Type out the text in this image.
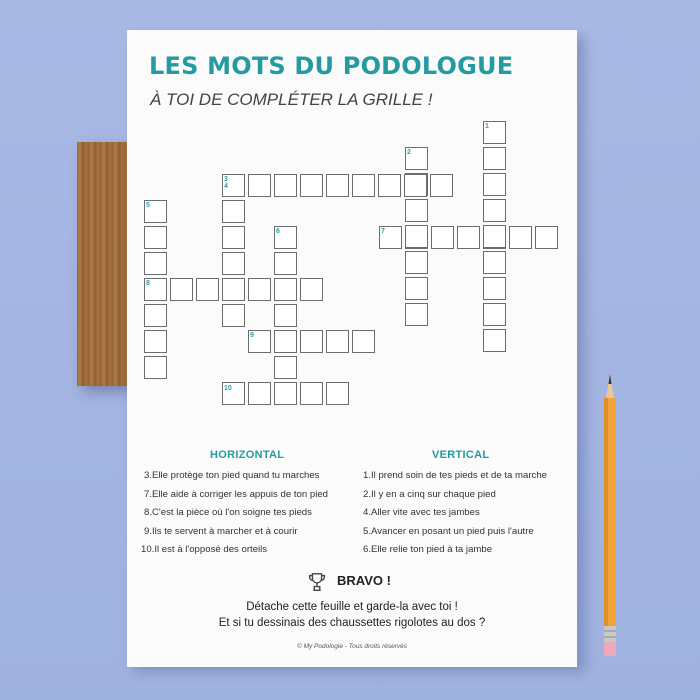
LES MOTS DU PODOLOGUE

À TOI DE COMPLÉTER LA GRILLE !

1
2
3
4
5
6	7
8
9
10
HORIZONTAL	VERTICAL
3.Elle protège ton pied quand tu marches
7.Elle aide à corriger les appuis de ton pied
8.C'est la pièce où l'on soigne tes pieds
9.Ils te servent à marcher et à courir
10.Il est à l'opposé des orteils
1.Il prend soin de tes pieds et de ta marche
2.Il y en a cinq sur chaque pied
4.Aller vite avec tes jambes
5.Avancer en posant un pied puis l'autre
6.Elle relie ton pied à ta jambe
BRAVO !
Détache cette feuille et garde-la avec toi !
Et si tu dessinais des chaussettes rigolotes au dos ?
© My Podologie - Tous droits réservés
